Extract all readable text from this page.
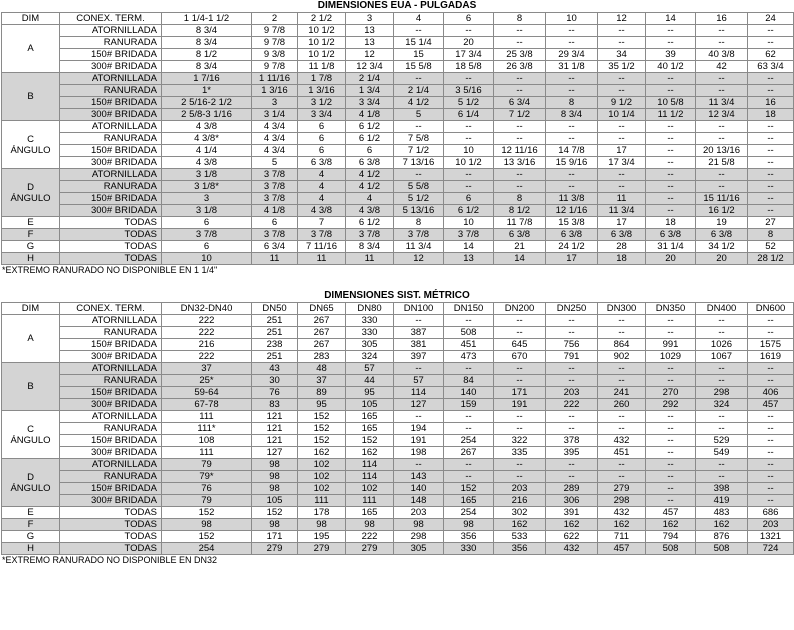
DIMENSIONES EUA - PULGADAS
DIM	CONEX. TERM.	1 1/4-1 1/2	2	2 1/2	3	4	6	8	10	12	14	16	24
A	ATORNILLADA	8 3/4	9 7/8	10 1/2	13	--	--	--	--	--	--	--	--
	RANURADA	8 3/4	9 7/8	10 1/2	13	15 1/4	20	--	--	--	--	--	--
	150# BRIDADA	8 1/2	9 3/8	10 1/2	12	15	17 3/4	25 3/8	29 3/4	34	39	40 3/8	62
	300# BRIDADA	8 3/4	9 7/8	11 1/8	12 3/4	15 5/8	18 5/8	26 3/8	31 1/8	35 1/2	40 1/2	42	63 3/4
B	ATORNILLADA	1 7/16	1 11/16	1 7/8	2 1/4	--	--	--	--	--	--	--	--
	RANURADA	1*	1 3/16	1 3/16	1 3/4	2 1/4	3 5/16	--	--	--	--	--	--
	150# BRIDADA	2 5/16-2 1/2	3	3 1/2	3 3/4	4 1/2	5 1/2	6 3/4	8	9 1/2	10 5/8	11 3/4	16
	300# BRIDADA	2 5/8-3 1/16	3 1/4	3 3/4	4 1/8	5	6 1/4	7 1/2	8 3/4	10 1/4	11 1/2	12 3/4	18
C
ÁNGULO	ATORNILLADA	4 3/8	4 3/4	6	6 1/2	--	--	--	--	--	--	--	--
	RANURADA	4 3/8*	4 3/4	6	6 1/2	7 5/8	--	--	--	--	--	--	--
	150# BRIDADA	4 1/4	4 3/4	6	6	7 1/2	10	12 11/16	14 7/8	17	--	20 13/16	--
	300# BRIDADA	4 3/8	5	6 3/8	6 3/8	7 13/16	10 1/2	13 3/16	15 9/16	17 3/4	--	21 5/8	--
D
ÁNGULO	ATORNILLADA	3 1/8	3 7/8	4	4 1/2	--	--	--	--	--	--	--	--
	RANURADA	3 1/8*	3 7/8	4	4 1/2	5 5/8	--	--	--	--	--	--	--
	150# BRIDADA	3	3 7/8	4	4	5 1/2	6	8	11 3/8	11	--	15 11/16	--
	300# BRIDADA	3 1/8	4 1/8	4 3/8	4 3/8	5 13/16	6 1/2	8 1/2	12 1/16	11 3/4	--	16 1/2	--
E	TODAS	6	6	7	6 1/2	8	10	11 7/8	15 3/8	17	18	19	27
F	TODAS	3 7/8	3 7/8	3 7/8	3 7/8	3 7/8	3 7/8	6 3/8	6 3/8	6 3/8	6 3/8	6 3/8	8
G	TODAS	6	6 3/4	7 11/16	8 3/4	11 3/4	14	21	24 1/2	28	31 1/4	34 1/2	52
H	TODAS	10	11	11	11	12	13	14	17	18	20	20	28 1/2
*EXTREMO RANURADO NO DISPONIBLE EN 1 1/4"
DIMENSIONES SIST. MÉTRICO
DIM	CONEX. TERM.	DN32-DN40	DN50	DN65	DN80	DN100	DN150	DN200	DN250	DN300	DN350	DN400	DN600
A	ATORNILLADA	222	251	267	330	--	--	--	--	--	--	--	--
	RANURADA	222	251	267	330	387	508	--	--	--	--	--	--
	150# BRIDADA	216	238	267	305	381	451	645	756	864	991	1026	1575
	300# BRIDADA	222	251	283	324	397	473	670	791	902	1029	1067	1619
B	ATORNILLADA	37	43	48	57	--	--	--	--	--	--	--	--
	RANURADA	25*	30	37	44	57	84	--	--	--	--	--	--
	150# BRIDADA	59-64	76	89	95	114	140	171	203	241	270	298	406
	300# BRIDADA	67-78	83	95	105	127	159	191	222	260	292	324	457
C
ÁNGULO	ATORNILLADA	111	121	152	165	--	--	--	--	--	--	--	--
	RANURADA	111*	121	152	165	194	--	--	--	--	--	--	--
	150# BRIDADA	108	121	152	152	191	254	322	378	432	--	529	--
	300# BRIDADA	111	127	162	162	198	267	335	395	451	--	549	--
D
ÁNGULO	ATORNILLADA	79	98	102	114	--	--	--	--	--	--	--	--
	RANURADA	79*	98	102	114	143	--	--	--	--	--	--	--
	150# BRIDADA	76	98	102	102	140	152	203	289	279	--	398	--
	300# BRIDADA	79	105	111	111	148	165	216	306	298	--	419	--
E	TODAS	152	152	178	165	203	254	302	391	432	457	483	686
F	TODAS	98	98	98	98	98	98	162	162	162	162	162	203
G	TODAS	152	171	195	222	298	356	533	622	711	794	876	1321
H	TODAS	254	279	279	279	305	330	356	432	457	508	508	724
*EXTREMO RANURADO NO DISPONIBLE EN DN32
